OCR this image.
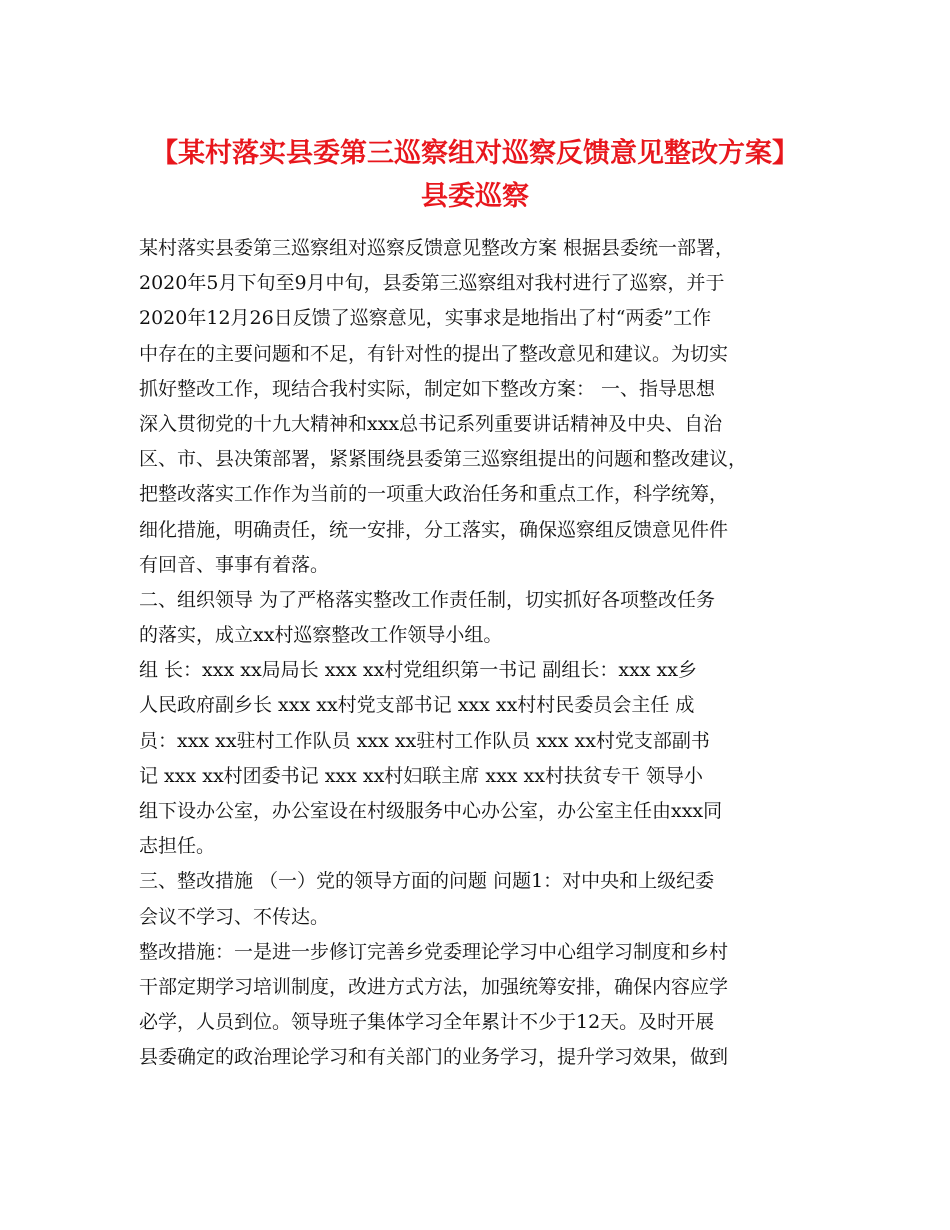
【某村落实县委第三巡察组对巡察反馈意见整改方案】
县委巡察
某村落实县委第三巡察组对巡察反馈意见整改方案 根据县委统一部署，
2020年5月下旬至9月中旬，县委第三巡察组对我村进行了巡察，并于
2020年12月26日反馈了巡察意见，实事求是地指出了村“两委”工作
中存在的主要问题和不足，有针对性的提出了整改意见和建议。为切实
抓好整改工作，现结合我村实际，制定如下整改方案： 一、指导思想
深入贯彻党的十九大精神和xxx总书记系列重要讲话精神及中央、自治
区、市、县决策部署，紧紧围绕县委第三巡察组提出的问题和整改建议，
把整改落实工作作为当前的一项重大政治任务和重点工作，科学统筹，
细化措施，明确责任，统一安排，分工落实，确保巡察组反馈意见件件
有回音、事事有着落。
二、组织领导 为了严格落实整改工作责任制，切实抓好各项整改任务
的落实，成立xx村巡察整改工作领导小组。
组 长：xxx xx局局长 xxx xx村党组织第一书记 副组长：xxx xx乡
人民政府副乡长 xxx xx村党支部书记 xxx xx村村民委员会主任 成
员：xxx xx驻村工作队员 xxx xx驻村工作队员 xxx xx村党支部副书
记 xxx xx村团委书记 xxx xx村妇联主席 xxx xx村扶贫专干 领导小
组下设办公室，办公室设在村级服务中心办公室，办公室主任由xxx同
志担任。
三、整改措施 （一）党的领导方面的问题 问题1：对中央和上级纪委
会议不学习、不传达。
整改措施：一是进一步修订完善乡党委理论学习中心组学习制度和乡村
干部定期学习培训制度，改进方式方法，加强统筹安排，确保内容应学
必学，人员到位。领导班子集体学习全年累计不少于12天。及时开展
县委确定的政治理论学习和有关部门的业务学习，提升学习效果，做到
